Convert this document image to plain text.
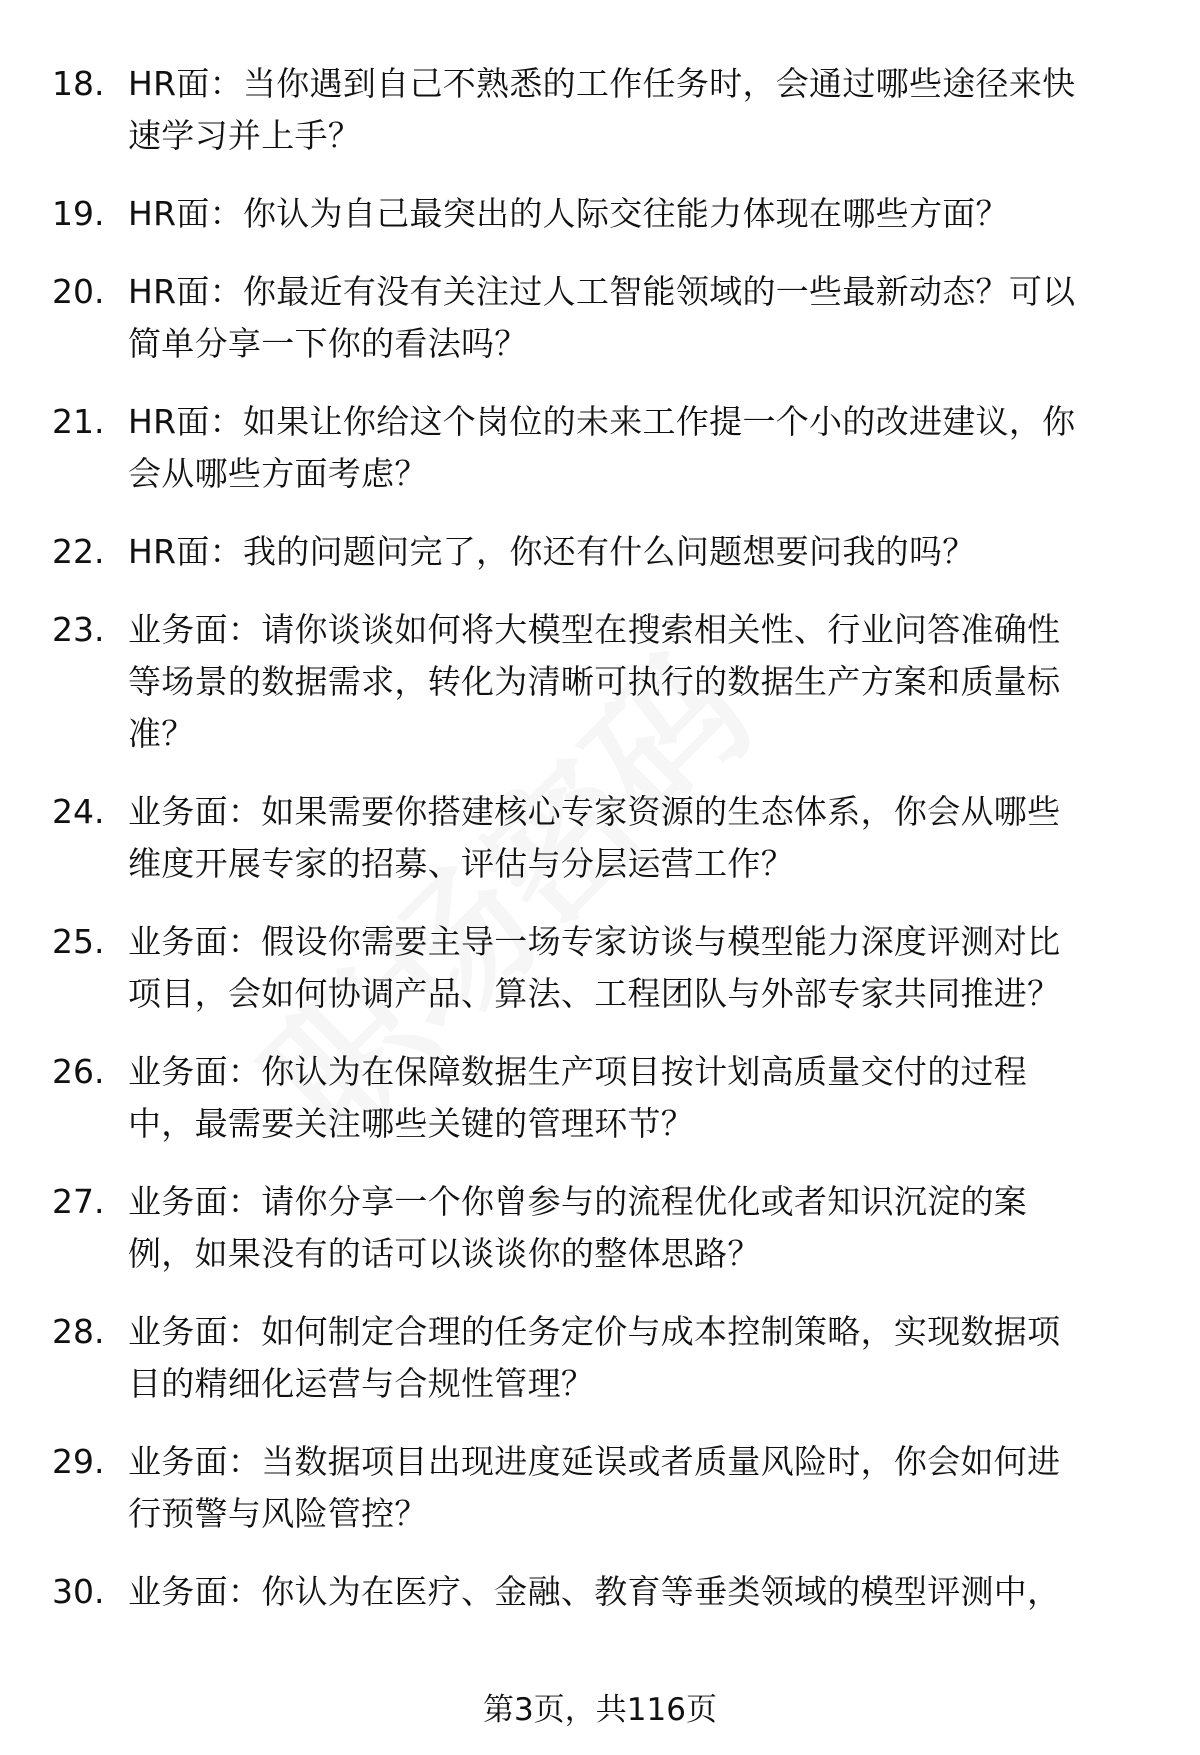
18. HR面：当你遇到自己不熟悉的工作任务时，会通过哪些途径来快
速学习并上手？
19. HR面：你认为自己最突出的人际交往能力体现在哪些方面？
20. HR面：你最近有没有关注过人工智能领域的一些最新动态？可以
简单分享一下你的看法吗？
21. HR面：如果让你给这个岗位的未来工作提一个小的改进建议，你
会从哪些方面考虑？
22. HR面：我的问题问完了，你还有什么问题想要问我的吗？
23. 业务面：请你谈谈如何将大模型在搜索相关性、行业问答准确性
等场景的数据需求，转化为清晰可执行的数据生产方案和质量标
准？
24. 业务面：如果需要你搭建核心专家资源的生态体系，你会从哪些
维度开展专家的招募、评估与分层运营工作？
25. 业务面：假设你需要主导一场专家访谈与模型能力深度评测对比
项目，会如何协调产品、算法、工程团队与外部专家共同推进？
26. 业务面：你认为在保障数据生产项目按计划高质量交付的过程
中，最需要关注哪些关键的管理环节？
27. 业务面：请你分享一个你曾参与的流程优化或者知识沉淀的案
例，如果没有的话可以谈谈你的整体思路？
28. 业务面：如何制定合理的任务定价与成本控制策略，实现数据项
目的精细化运营与合规性管理？
29. 业务面：当数据项目出现进度延误或者质量风险时，你会如何进
行预警与风险管控？
30. 业务面：你认为在医疗、金融、教育等垂类领域的模型评测中，
第3页，共116页
